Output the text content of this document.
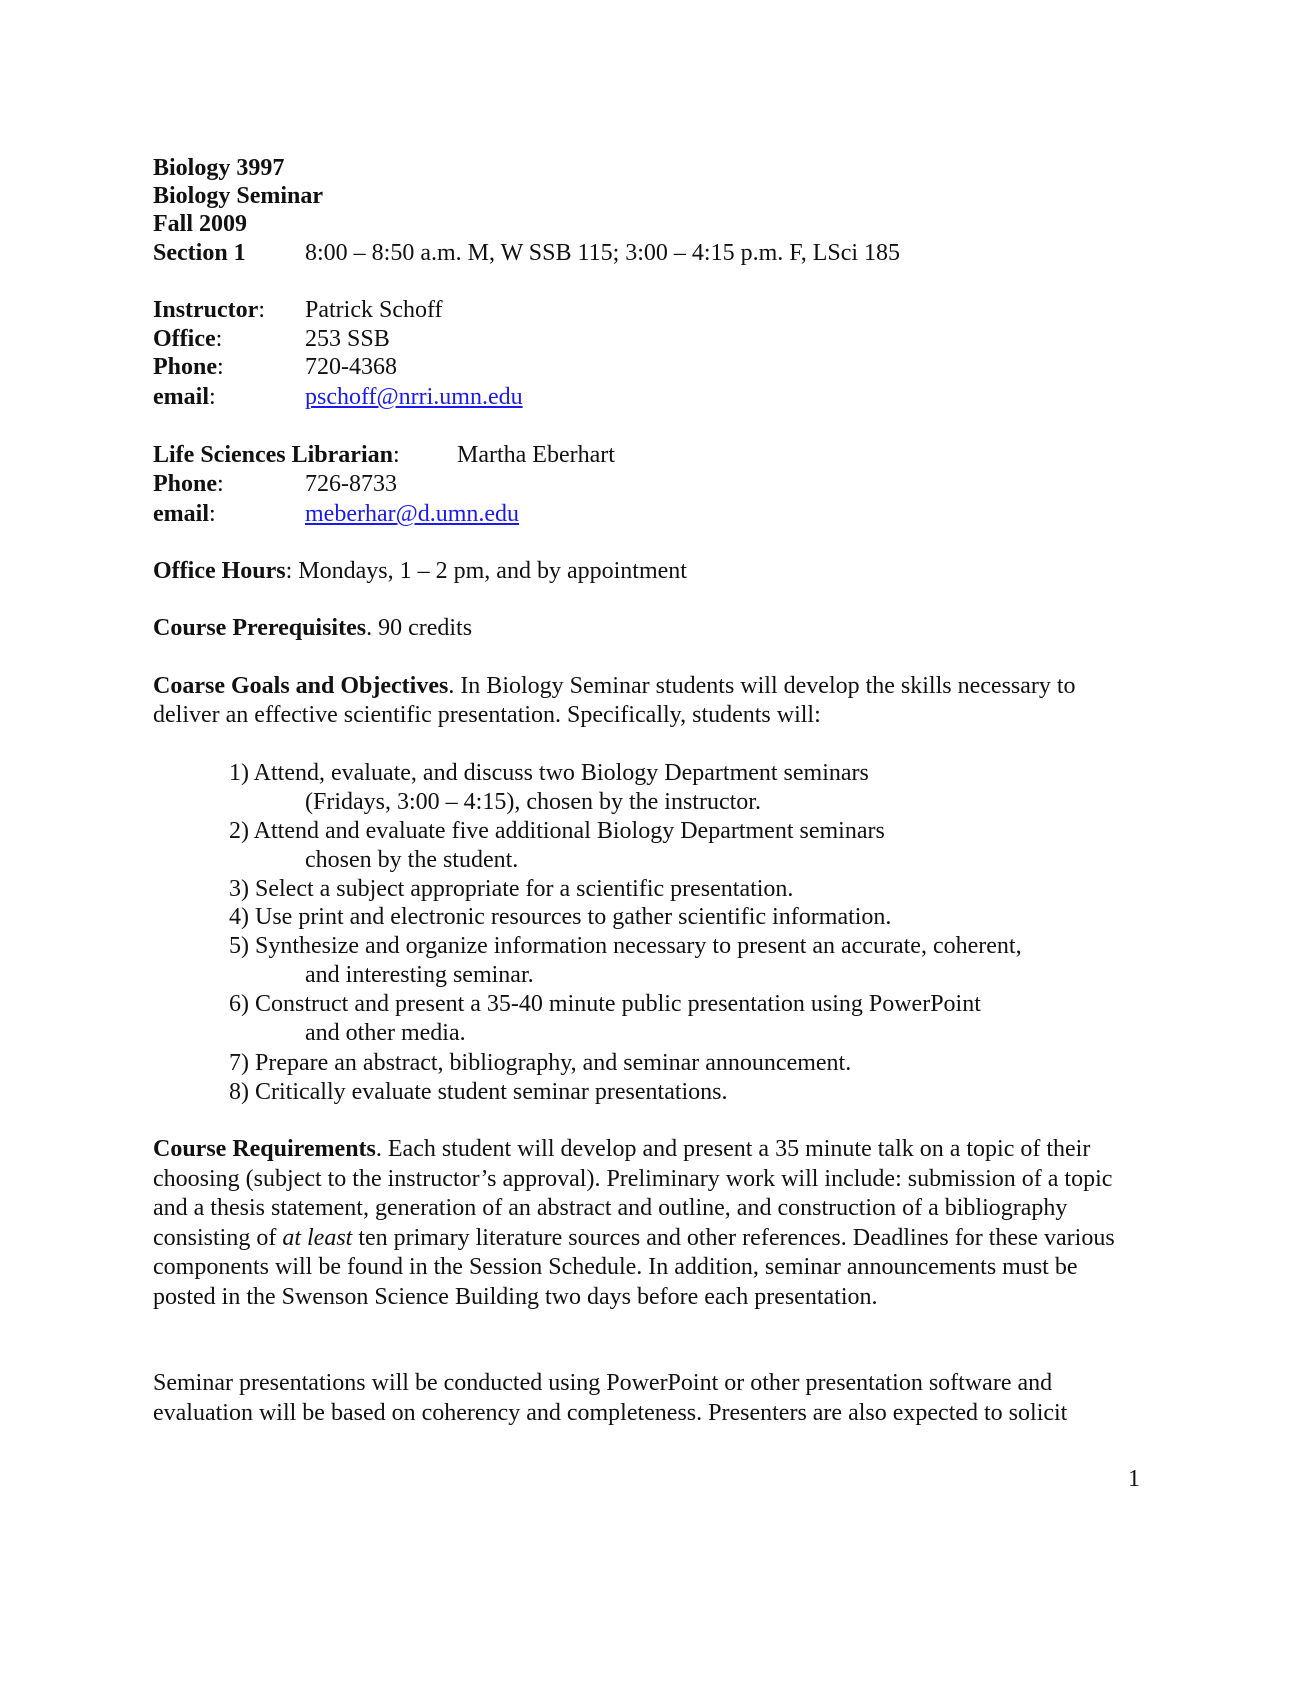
Biology 3997
Biology Seminar
Fall 2009
Section 1 8:00 – 8:50 a.m. M, W SSB 115; 3:00 – 4:15 p.m. F, LSci 185
Instructor: Patrick Schoff
Office:	253 SSB
Phone:	720-4368
email:	pschoff@nrri.umn.edu
Life Sciences Librarian: Martha Eberhart
Phone:	726-8733
email:	meberhar@d.umn.edu
Office Hours: Mondays, 1 – 2 pm, and by appointment
Course Prerequisites. 90 credits
Coarse Goals and Objectives. In Biology Seminar students will develop the skills necessary to
deliver an effective scientific presentation. Specifically, students will:
1) Attend, evaluate, and discuss two Biology Department seminars
(Fridays, 3:00 – 4:15), chosen by the instructor.
2) Attend and evaluate five additional Biology Department seminars
chosen by the student.
3) Select a subject appropriate for a scientific presentation.
4) Use print and electronic resources to gather scientific information.
5) Synthesize and organize information necessary to present an accurate, coherent,
and interesting seminar.
6) Construct and present a 35-40 minute public presentation using PowerPoint
and other media.
7) Prepare an abstract, bibliography, and seminar announcement.
8) Critically evaluate student seminar presentations.
Course Requirements. Each student will develop and present a 35 minute talk on a topic of their choosing (subject to the instructor’s approval). Preliminary work will include: submission of a topic and a thesis statement, generation of an abstract and outline, and construction of a bibliography consisting of at least ten primary literature sources and other references. Deadlines for these various components will be found in the Session Schedule. In addition, seminar announcements must be posted in the Swenson Science Building two days before each presentation.
Seminar presentations will be conducted using PowerPoint or other presentation software and evaluation will be based on coherency and completeness. Presenters are also expected to solicit
1
